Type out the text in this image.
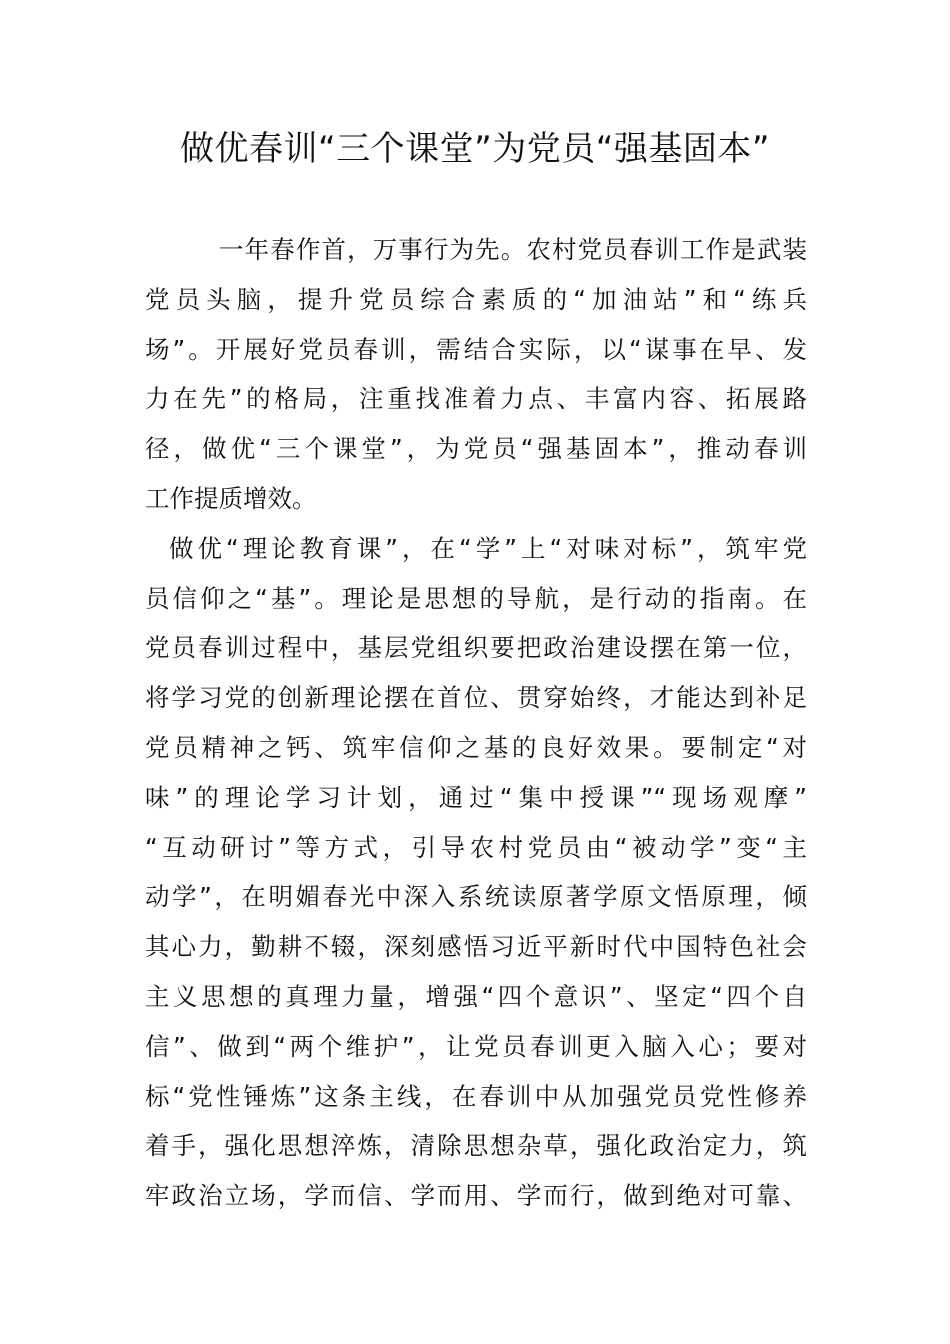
做优春训“三个课堂”为党员“强基固本”
一年春作首，万事行为先。农村党员春训工作是武装
党员头脑，提升党员综合素质的“加油站”和“练兵
场”。开展好党员春训，需结合实际，以“谋事在早、发
力在先”的格局，注重找准着力点、丰富内容、拓展路
径，做优“三个课堂”，为党员“强基固本”，推动春训
工作提质增效。
做优“理论教育课”，在“学”上“对味对标”，筑牢党
员信仰之“基”。理论是思想的导航，是行动的指南。在
党员春训过程中，基层党组织要把政治建设摆在第一位，
将学习党的创新理论摆在首位、贯穿始终，才能达到补足
党员精神之钙、筑牢信仰之基的良好效果。要制定“对
味”的理论学习计划，通过“集中授课”“现场观摩”
“互动研讨”等方式，引导农村党员由“被动学”变“主
动学”，在明媚春光中深入系统读原著学原文悟原理，倾
其心力，勤耕不辍，深刻感悟习近平新时代中国特色社会
主义思想的真理力量，增强“四个意识”、坚定“四个自
信”、做到“两个维护”，让党员春训更入脑入心；要对
标“党性锤炼”这条主线，在春训中从加强党员党性修养
着手，强化思想淬炼，清除思想杂草，强化政治定力，筑
牢政治立场，学而信、学而用、学而行，做到绝对可靠、
